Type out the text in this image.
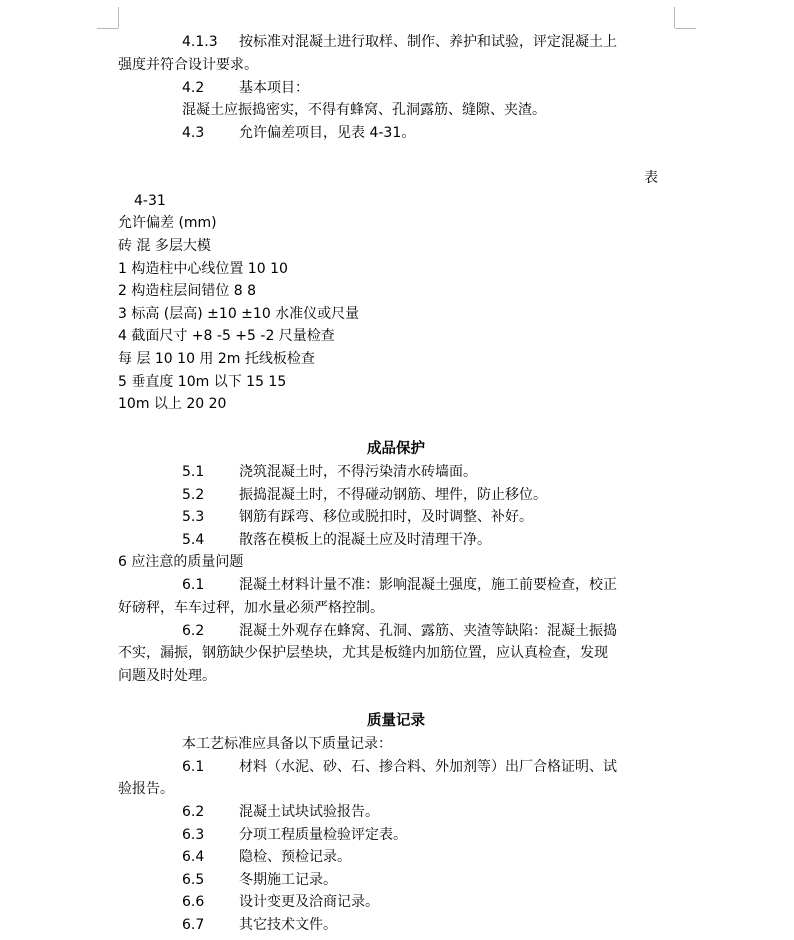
4.1.3 按标准对混凝土进行取样、制作、养护和试验，评定混凝土上
强度并符合设计要求。
4.2 基本项目：
混凝土应振捣密实，不得有蜂窝、孔洞露筋、缝隙、夹渣。
4.3 允许偏差项目，见表 4-31。
表
4-31
允许偏差 (mm)
砖 混 多层大模
1 构造柱中心线位置 10 10
2 构造柱层间错位 8 8
3 标高 (层高) ±10 ±10 水准仪或尺量
4 截面尺寸 +8 -5 +5 -2 尺量检查
每 层 10 10 用 2m 托线板检查
5 垂直度 10m 以下 15 15
10m 以上 20 20
成品保护
5.1 浇筑混凝土时，不得污染清水砖墙面。
5.2 振捣混凝土时，不得碰动钢筋、埋件，防止移位。
5.3 钢筋有踩弯、移位或脱扣时，及时调整、补好。
5.4 散落在模板上的混凝土应及时清理干净。
6 应注意的质量问题
6.1 混凝土材料计量不准：影响混凝土强度，施工前要检查，校正
好磅秤，车车过秤，加水量必须严格控制。
6.2 混凝土外观存在蜂窝、孔洞、露筋、夹渣等缺陷：混凝土振捣
不实，漏振，钢筋缺少保护层垫块，尤其是板缝内加筋位置，应认真检查，发现
问题及时处理。
质量记录
本工艺标准应具备以下质量记录：
6.1 材料（水泥、砂、石、掺合料、外加剂等）出厂合格证明、试
验报告。
6.2 混凝土试块试验报告。
6.3 分项工程质量检验评定表。
6.4 隐检、预检记录。
6.5 冬期施工记录。
6.6 设计变更及洽商记录。
6.7 其它技术文件。
